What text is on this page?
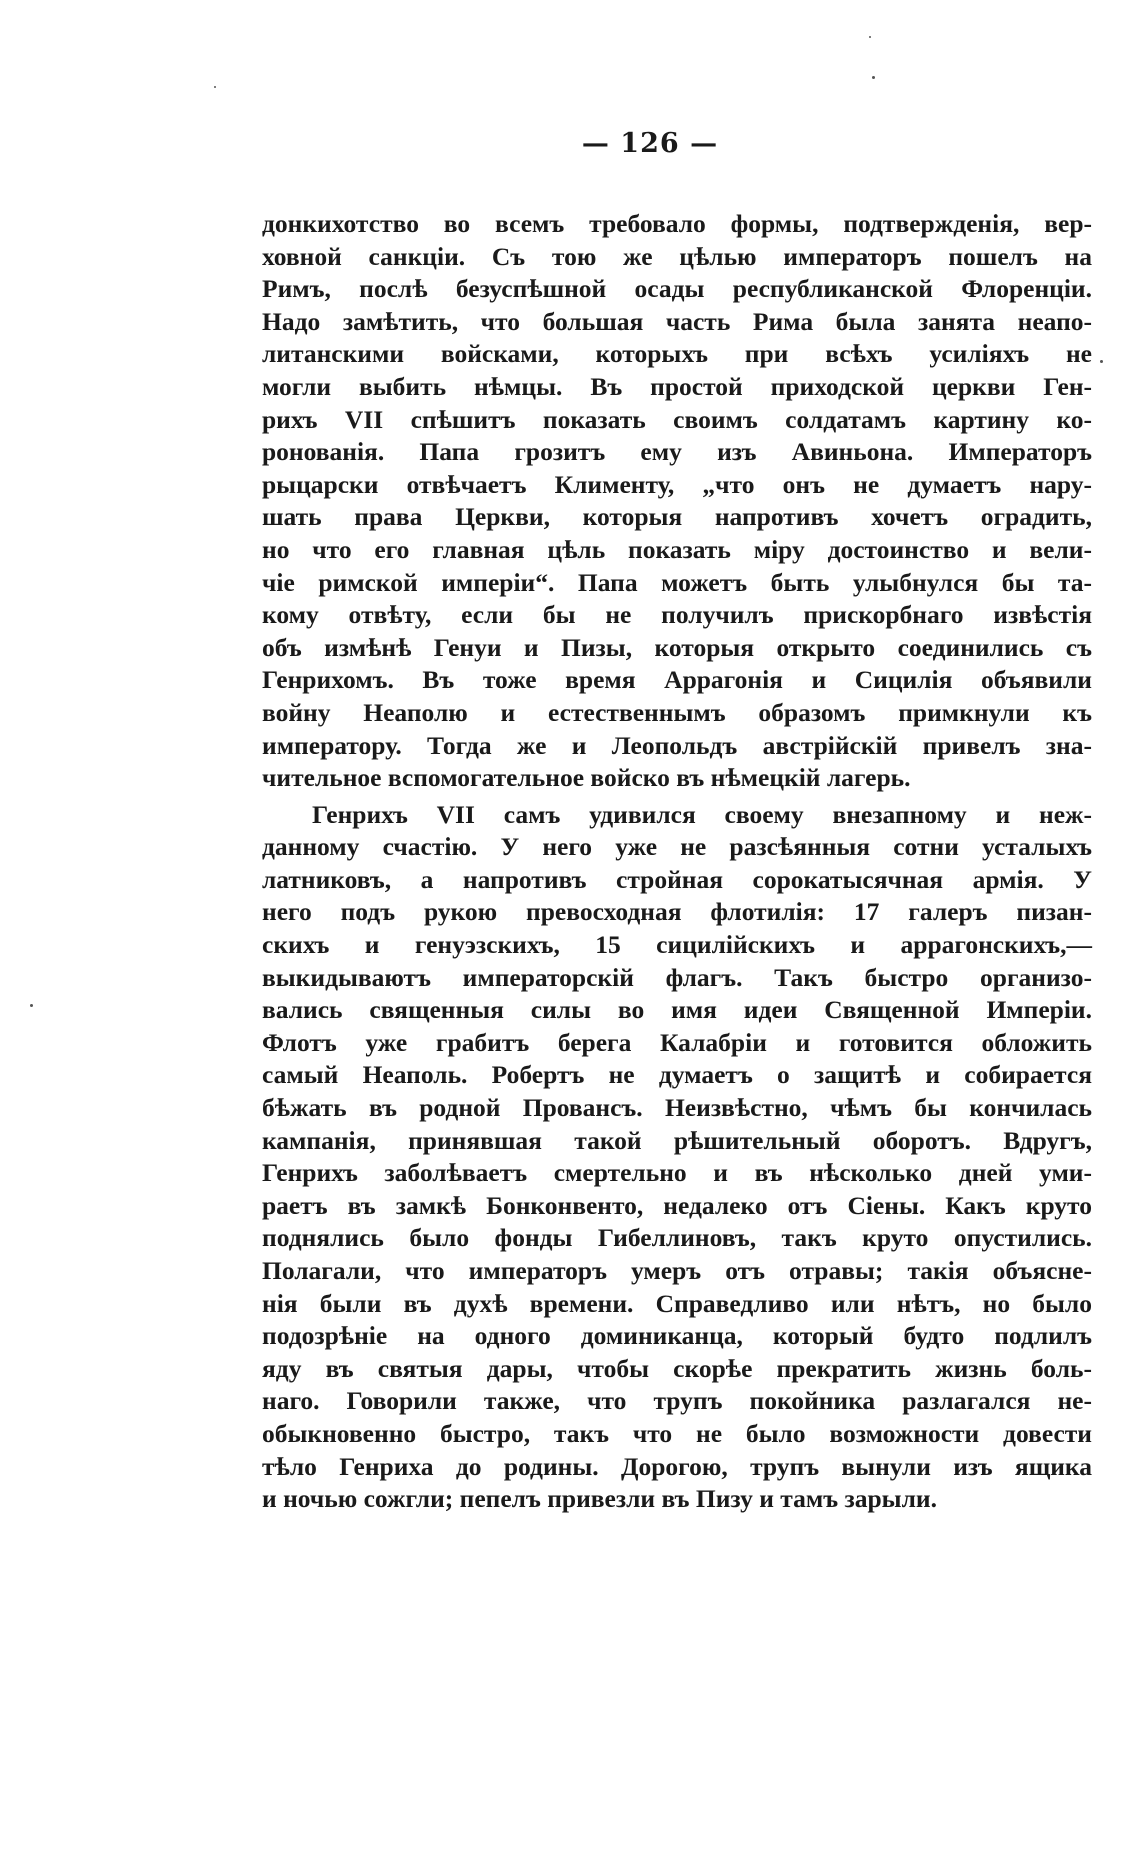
— 126 —
донкихотство во всемъ требовало формы, подтвержденія, вер-
ховной санкціи. Съ тою же цѣлью императоръ пошелъ на
Римъ, послѣ безуспѣшной осады республиканской Флоренціи.
Надо замѣтить, что большая часть Рима была занята неапо-
литанскими войсками, которыхъ при всѣхъ усиліяхъ не
могли выбить нѣмцы. Въ простой приходской церкви Ген-
рихъ VII спѣшитъ показать своимъ солдатамъ картину ко-
ронованія. Папа грозитъ ему изъ Авиньона. Императоръ
рыцарски отвѣчаетъ Клименту, „что онъ не думаетъ нару-
шать права Церкви, которыя напротивъ хочетъ оградить,
но что его главная цѣль показать міру достоинство и вели-
чіе римской имперіи“. Папа можетъ быть улыбнулся бы та-
кому отвѣту, если бы не получилъ прискорбнаго извѣстія
объ измѣнѣ Генуи и Пизы, которыя открыто соединились съ
Генрихомъ. Въ тоже время Аррагонія и Сицилія объявили
войну Неаполю и естественнымъ образомъ примкнули къ
императору. Тогда же и Леопольдъ австрійскій привелъ зна-
чительное вспомогательное войско въ нѣмецкій лагерь.
Генрихъ VII самъ удивился своему внезапному и неж-
данному счастію. У него уже не разсѣянныя сотни усталыхъ
латниковъ, а напротивъ стройная сорокатысячная армія. У
него подъ рукою превосходная флотилія: 17 галеръ пизан-
скихъ и генуэзскихъ, 15 сицилійскихъ и аррагонскихъ,—
выкидываютъ императорскій флагъ. Такъ быстро организо-
вались священныя силы во имя идеи Священной Имперіи.
Флотъ уже грабитъ берега Калабріи и готовится обложить
самый Неаполь. Робертъ не думаетъ о защитѣ и собирается
бѣжать въ родной Провансъ. Неизвѣстно, чѣмъ бы кончилась
кампанія, принявшая такой рѣшительный оборотъ. Вдругъ,
Генрихъ заболѣваетъ смертельно и въ нѣсколько дней уми-
раетъ въ замкѣ Бонконвенто, недалеко отъ Сіены. Какъ круто
поднялись было фонды Гибеллиновъ, такъ круто опустились.
Полагали, что императоръ умеръ отъ отравы; такія объясне-
нія были въ духѣ времени. Справедливо или нѣтъ, но было
подозрѣніе на одного доминиканца, который будто подлилъ
яду въ святыя дары, чтобы скорѣе прекратить жизнь боль-
наго. Говорили также, что трупъ покойника разлагался не-
обыкновенно быстро, такъ что не было возможности довести
тѣло Генриха до родины. Дорогою, трупъ вынули изъ ящика
и ночью сожгли; пепелъ привезли въ Пизу и тамъ зарыли.
